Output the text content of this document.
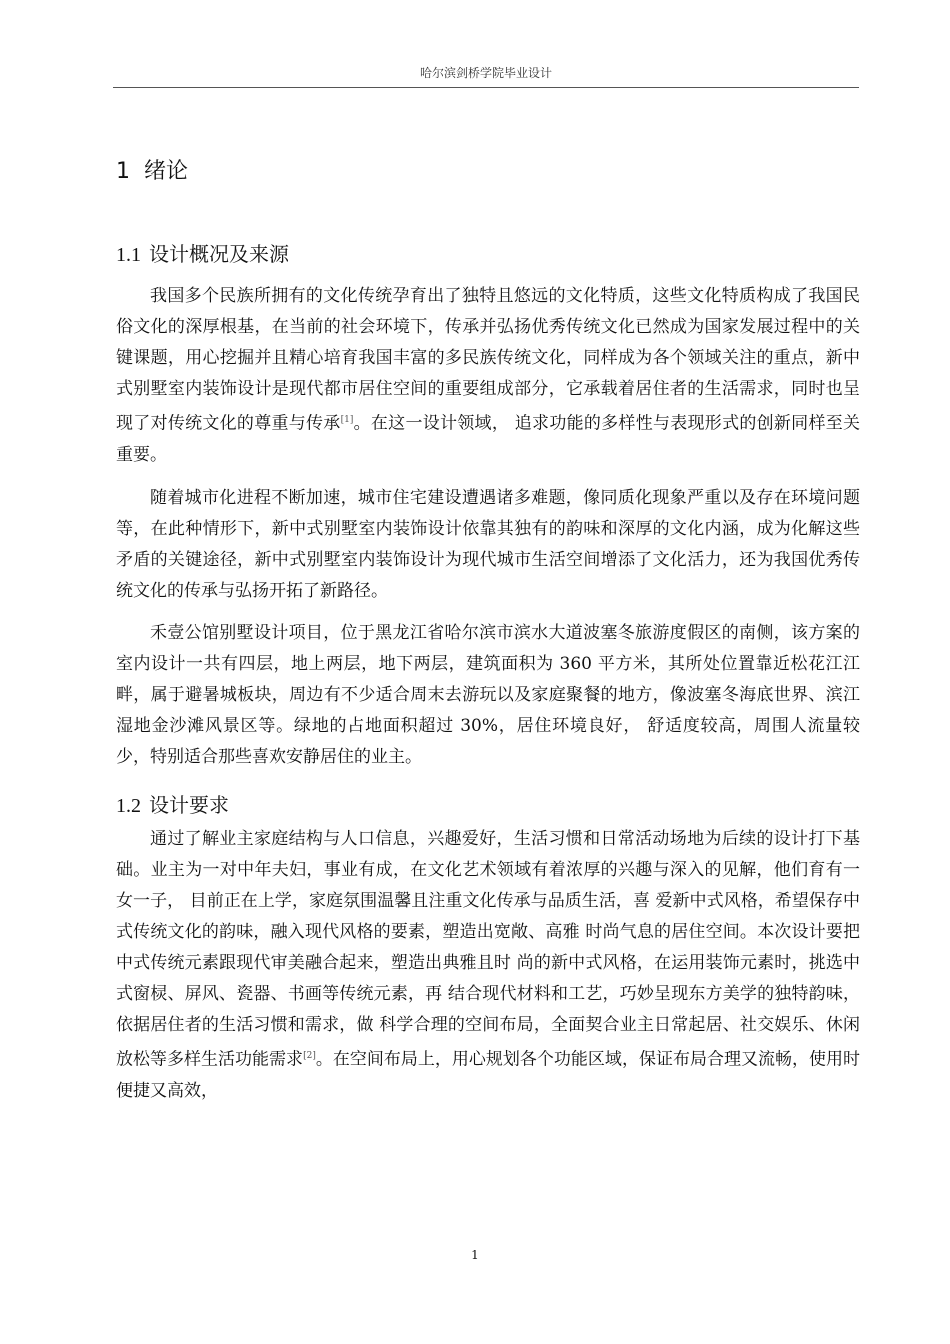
哈尔滨剑桥学院毕业设计
1 绪论
1.1 设计概况及来源

我国多个民族所拥有的文化传统孕育出了独特且悠远的文化特质，这些文化特质构成了我国民俗文化的深厚根基，在当前的社会环境下，传承并弘扬优秀传统文化已然成为国家发展过程中的关键课题，用心挖掘并且精心培育我国丰富的多民族传统文化，同样成为各个领域关注的重点，新中式别墅室内装饰设计是现代都市居住空间的重要组成部分，它承载着居住者的生活需求，同时也呈现了对传统文化的尊重与传承[1]。在这一设计领域， 追求功能的多样性与表现形式的创新同样至关重要。

随着城市化进程不断加速，城市住宅建设遭遇诸多难题，像同质化现象严重以及存在环境问题等，在此种情形下，新中式别墅室内装饰设计依靠其独有的韵味和深厚的文化内涵，成为化解这些矛盾的关键途径，新中式别墅室内装饰设计为现代城市生活空间增添了文化活力，还为我国优秀传统文化的传承与弘扬开拓了新路径。

禾壹公馆别墅设计项目，位于黑龙江省哈尔滨市滨水大道波塞冬旅游度假区的南侧，该方案的室内设计一共有四层，地上两层，地下两层，建筑面积为 360 平方米，其所处位置靠近松花江江畔，属于避暑城板块，周边有不少适合周末去游玩以及家庭聚餐的地方，像波塞冬海底世界、滨江湿地金沙滩风景区等。绿地的占地面积超过 30%，居住环境良好， 舒适度较高，周围人流量较少，特别适合那些喜欢安静居住的业主。

1.2 设计要求

通过了解业主家庭结构与人口信息，兴趣爱好，生活习惯和日常活动场地为后续的设计打下基础。业主为一对中年夫妇，事业有成，在文化艺术领域有着浓厚的兴趣与深入的见解，他们育有一女一子， 目前正在上学，家庭氛围温馨且注重文化传承与品质生活，喜 爱新中式风格，希望保存中式传统文化的韵味，融入现代风格的要素，塑造出宽敞、高雅 时尚气息的居住空间。本次设计要把中式传统元素跟现代审美融合起来，塑造出典雅且时 尚的新中式风格，在运用装饰元素时，挑选中式窗棂、屏风、瓷器、书画等传统元素，再 结合现代材料和工艺，巧妙呈现东方美学的独特韵味，依据居住者的生活习惯和需求，做 科学合理的空间布局，全面契合业主日常起居、社交娱乐、休闲放松等多样生活功能需求[2]。在空间布局上，用心规划各个功能区域，保证布局合理又流畅，使用时便捷又高效，

1
